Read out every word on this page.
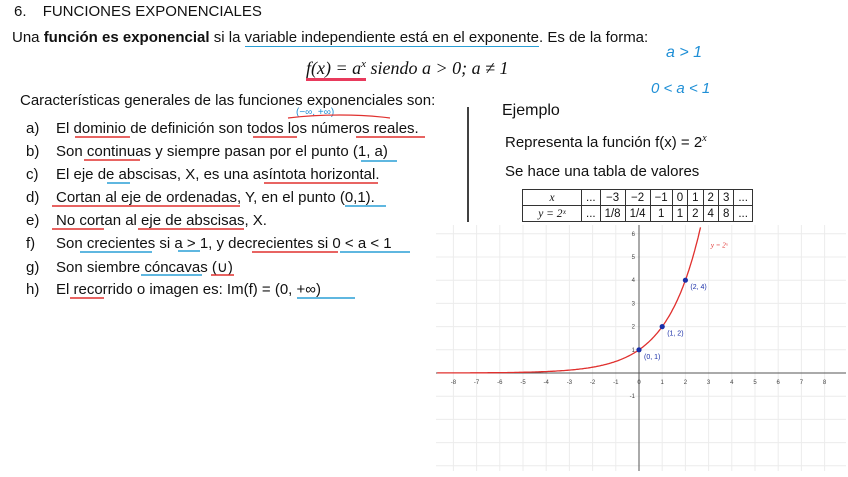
6. FUNCIONES EXPONENCIALES
Una función es exponencial si la variable independiente está en el exponente. Es de la forma:
$f(x) = a^x$ siendo a > 0; a ≠ 1
a > 1
0 < a < 1
(−∞, +∞)
Características generales de las funciones exponenciales son:
a) El dominio de definición son todos los números reales.
b) Son continuas y siempre pasan por el punto (1, a)
c) El eje de abscisas, X, es una asíntota horizontal.
d) Cortan al eje de ordenadas, Y, en el punto (0,1).
e) No cortan al eje de abscisas, X.
f) Son crecientes si a > 1, y decrecientes si 0 < a < 1
g) Son siembre cóncavas (∪)
h) El recorrido o imagen es: Im(f) = (0, +∞)
Ejemplo
Representa la función $f(x) = 2^x$
Se hace una tabla de valores
x	...	−3	−2	−1	0	1	2	3	...
y = 2ˣ	...	1/8	1/4	1	1	2	4	8	...
-8	-7	-6	-5	-4	-3	-2	-1	0	1	2	3	4	5	6	7	8
-1
1
2
3
4
5
6
y = 2ˣ
(0, 1)
(1, 2)
(2, 4)
